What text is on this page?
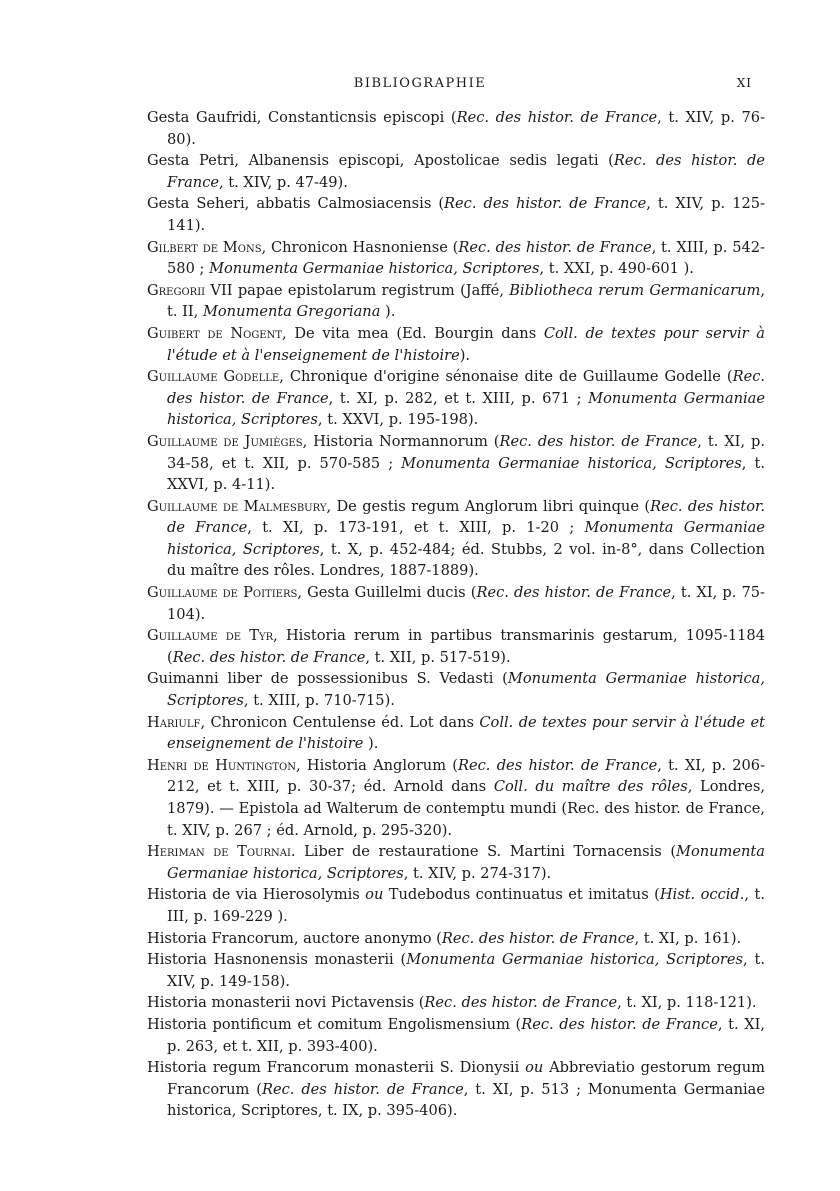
BIBLIOGRAPHIE	XI

Gesta Gaufridi, Constanticnsis episcopi (Rec. des histor. de France, t. XIV, p. 76-80).

Gesta Petri, Albanensis episcopi, Apostolicae sedis legati (Rec. des histor. de France, t. XIV, p. 47-49).

Gesta Seheri, abbatis Calmosiacensis (Rec. des histor. de France, t. XIV, p. 125-141).

Gilbert de Mons, Chronicon Hasnoniense (Rec. des histor. de France, t. XIII, p. 542-580 ; Monumenta Germaniae historica, Scriptores, t. XXI, p. 490-601 ).

Gregorii VII papae epistolarum registrum (Jaffé, Bibliotheca rerum Germanicarum, t. II, Monumenta Gregoriana ).

Guibert de Nogent, De vita mea (Ed. Bourgin dans Coll. de textes pour servir à l'étude et à l'enseignement de l'histoire).

Guillaume Godelle, Chronique d'origine sénonaise dite de Guillaume Godelle (Rec. des histor. de France, t. XI, p. 282, et t. XIII, p. 671 ; Monumenta Germaniae historica, Scriptores, t. XXVI, p. 195-198).

Guillaume de Jumièges, Historia Normannorum (Rec. des histor. de France, t. XI, p. 34-58, et t. XII, p. 570-585 ; Monumenta Germaniae historica, Scriptores, t. XXVI, p. 4-11).

Guillaume de Malmesbury, De gestis regum Anglorum libri quinque (Rec. des histor. de France, t. XI, p. 173-191, et t. XIII, p. 1-20 ; Monumenta Germaniae historica, Scriptores, t. X, p. 452-484; éd. Stubbs, 2 vol. in-8°, dans Collection du maître des rôles. Londres, 1887-1889).

Guillaume de Poitiers, Gesta Guillelmi ducis (Rec. des histor. de France, t. XI, p. 75-104).

Guillaume de Tyr, Historia rerum in partibus transmarinis gestarum, 1095-1184 (Rec. des histor. de France, t. XII, p. 517-519).

Guimanni liber de possessionibus S. Vedasti (Monumenta Germaniae historica, Scriptores, t. XIII, p. 710-715).

Hariulf, Chronicon Centulense éd. Lot dans Coll. de textes pour servir à l'étude et enseignement de l'histoire ).

Henri de Huntington, Historia Anglorum (Rec. des histor. de France, t. XI, p. 206-212, et t. XIII, p. 30-37; éd. Arnold dans Coll. du maître des rôles, Londres, 1879). — Epistola ad Walterum de contemptu mundi (Rec. des histor. de France, t. XIV, p. 267 ; éd. Arnold, p. 295-320).

Heriman de Tournai. Liber de restauratione S. Martini Tornacensis (Monumenta Germaniae historica, Scriptores, t. XIV, p. 274-317).

Historia de via Hierosolymis ou Tudebodus continuatus et imitatus (Hist. occid., t. III, p. 169-229 ).

Historia Francorum, auctore anonymo (Rec. des histor. de France, t. XI, p. 161).

Historia Hasnonensis monasterii (Monumenta Germaniae historica, Scriptores, t. XIV, p. 149-158).

Historia monasterii novi Pictavensis (Rec. des histor. de France, t. XI, p. 118-121).

Historia pontificum et comitum Engolismensium (Rec. des histor. de France, t. XI, p. 263, et t. XII, p. 393-400).

Historia regum Francorum monasterii S. Dionysii ou Abbreviatio gestorum regum Francorum (Rec. des histor. de France, t. XI, p. 513 ; Monumenta Germaniae historica, Scriptores, t. IX, p. 395-406).
